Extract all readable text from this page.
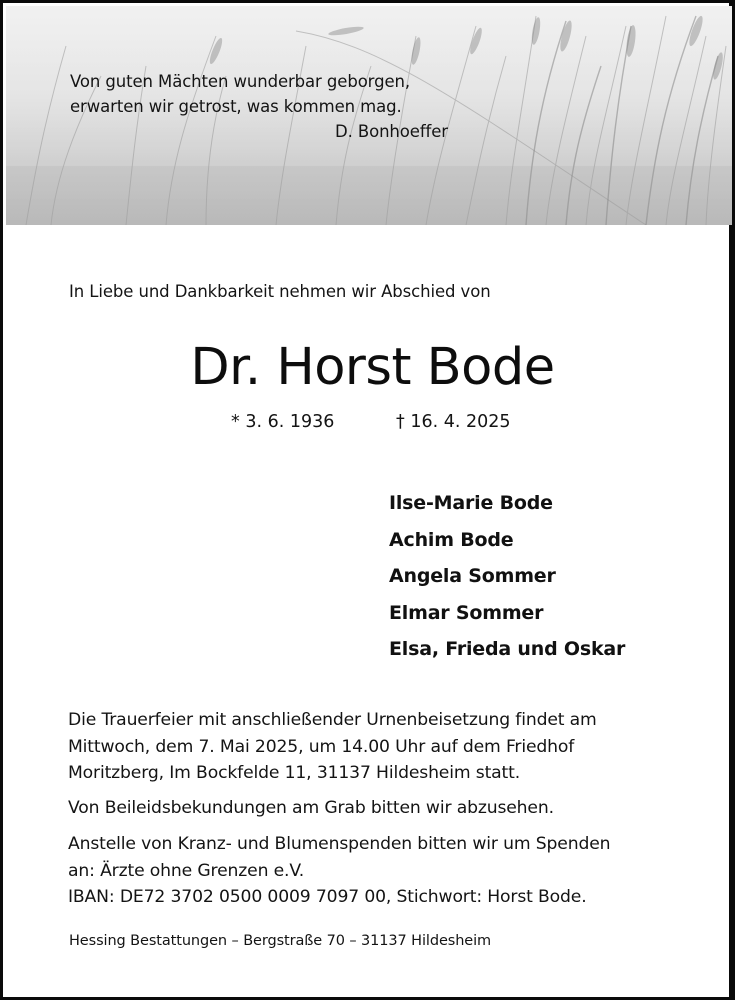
Von guten Mächten wunderbar geborgen,
erwarten wir getrost, was kommen mag.
D. Bonhoeffer
In Liebe und Dankbarkeit nehmen wir Abschied von
Dr. Horst Bode
* 3. 6. 1936	† 16. 4. 2025
Ilse-Marie Bode
Achim Bode
Angela Sommer
Elmar Sommer
Elsa, Frieda und Oskar
Die Trauerfeier mit anschließender Urnenbeisetzung findet am
Mittwoch, dem 7. Mai 2025, um 14.00 Uhr auf dem Friedhof
Moritzberg, Im Bockfelde 11, 31137 Hildesheim statt.
Von Beileidsbekundungen am Grab bitten wir abzusehen.
Anstelle von Kranz- und Blumenspenden bitten wir um Spenden
an: Ärzte ohne Grenzen e.V.
IBAN: DE72 3702 0500 0009 7097 00, Stichwort: Horst Bode.
Hessing Bestattungen – Bergstraße 70 – 31137 Hildesheim
